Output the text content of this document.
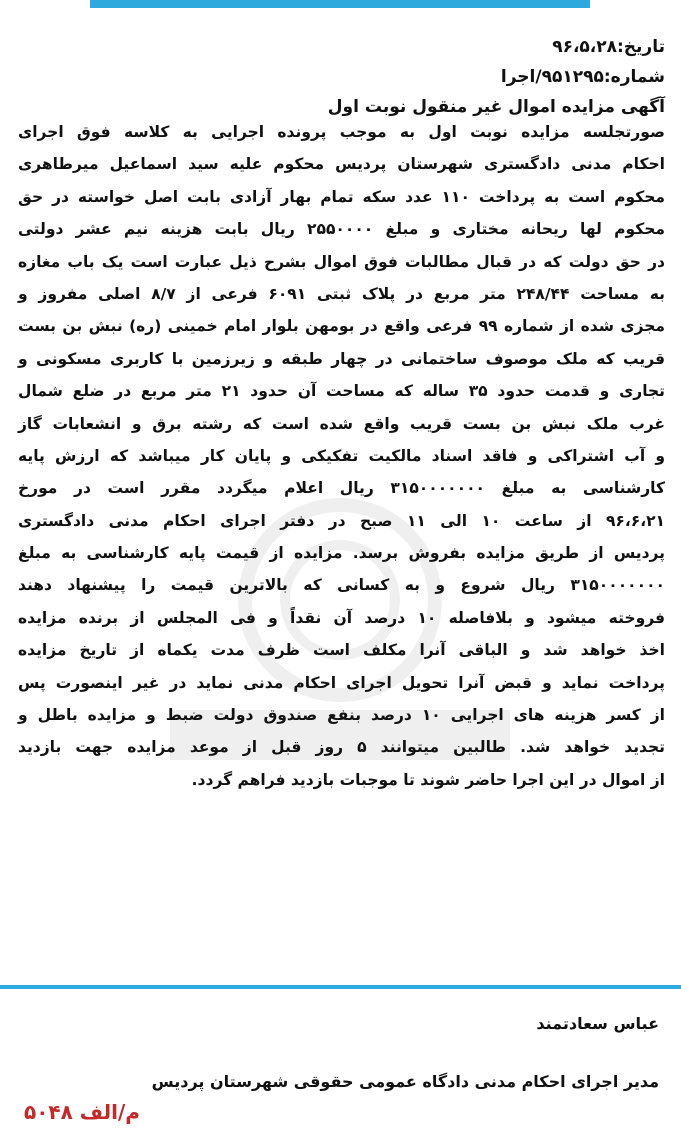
تاریخ:۹۶،۵،۲۸
شماره:۹۵۱۲۹۵/اجرا
آگهی مزایده اموال غیر منقول نوبت اول
صورتجلسه مزایده نوبت اول به موجب پرونده اجرایی به کلاسه فوق اجرای
احکام مدنی دادگستری شهرستان پردیس محکوم علیه سید اسماعیل میرطاهری
محکوم است به پرداخت ۱۱۰ عدد سکه تمام بهار آزادی بابت اصل خواسته در حق
محکوم لها ریحانه مختاری و مبلغ ۲۵۵۰۰۰۰ ریال بابت هزینه نیم عشر دولتی
در حق دولت که در قبال مطالبات فوق اموال بشرح ذیل عبارت است یک باب مغازه
به مساحت ۲۴۸/۴۴ متر مربع در پلاک ثبتی ۶۰۹۱ فرعی از ۸/۷ اصلی مفروز و
مجزی شده از شماره ۹۹ فرعی واقع در بومهن بلوار امام خمینی (ره) نبش بن بست
قریب که ملک موصوف ساختمانی در چهار طبقه و زیرزمین با کاربری مسکونی و
تجاری و قدمت حدود ۳۵ ساله که مساحت آن حدود ۲۱ متر مربع در ضلع شمال
غرب ملک نبش بن بست قریب واقع شده است که رشته برق و انشعابات گاز
و آب اشتراکی و فاقد اسناد مالکیت تفکیکی و پایان کار میباشد که ارزش پایه
کارشناسی به مبلغ ۳۱۵۰۰۰۰۰۰۰ ریال اعلام میگردد مقرر است در مورخ
۹۶،۶،۲۱ از ساعت ۱۰ الی ۱۱ صبح در دفتر اجرای احکام مدنی دادگستری
پردیس از طریق مزایده بفروش برسد. مزایده از قیمت پایه کارشناسی به مبلغ
۳۱۵۰۰۰۰۰۰۰ ریال شروع و به کسانی که بالاترین قیمت را پیشنهاد دهند
فروخته میشود و بلافاصله ۱۰ درصد آن نقداً و فی المجلس از برنده مزایده
اخذ خواهد شد و الباقی آنرا مکلف است ظرف مدت یکماه از تاریخ مزایده
پرداخت نماید و قبض آنرا تحویل اجرای احکام مدنی نماید در غیر اینصورت پس
از کسر هزینه های اجرایی ۱۰ درصد بنفع صندوق دولت ضبط و مزایده باطل و
تجدید خواهد شد. طالبین میتوانند ۵ روز قبل از موعد مزایده جهت بازدید
از اموال در این اجرا حاضر شوند تا موجبات بازدید فراهم گردد.
عباس سعادتمند
مدیر اجرای احکام مدنی دادگاه عمومی حقوقی شهرستان پردیس
م/الف ۵۰۴۸
